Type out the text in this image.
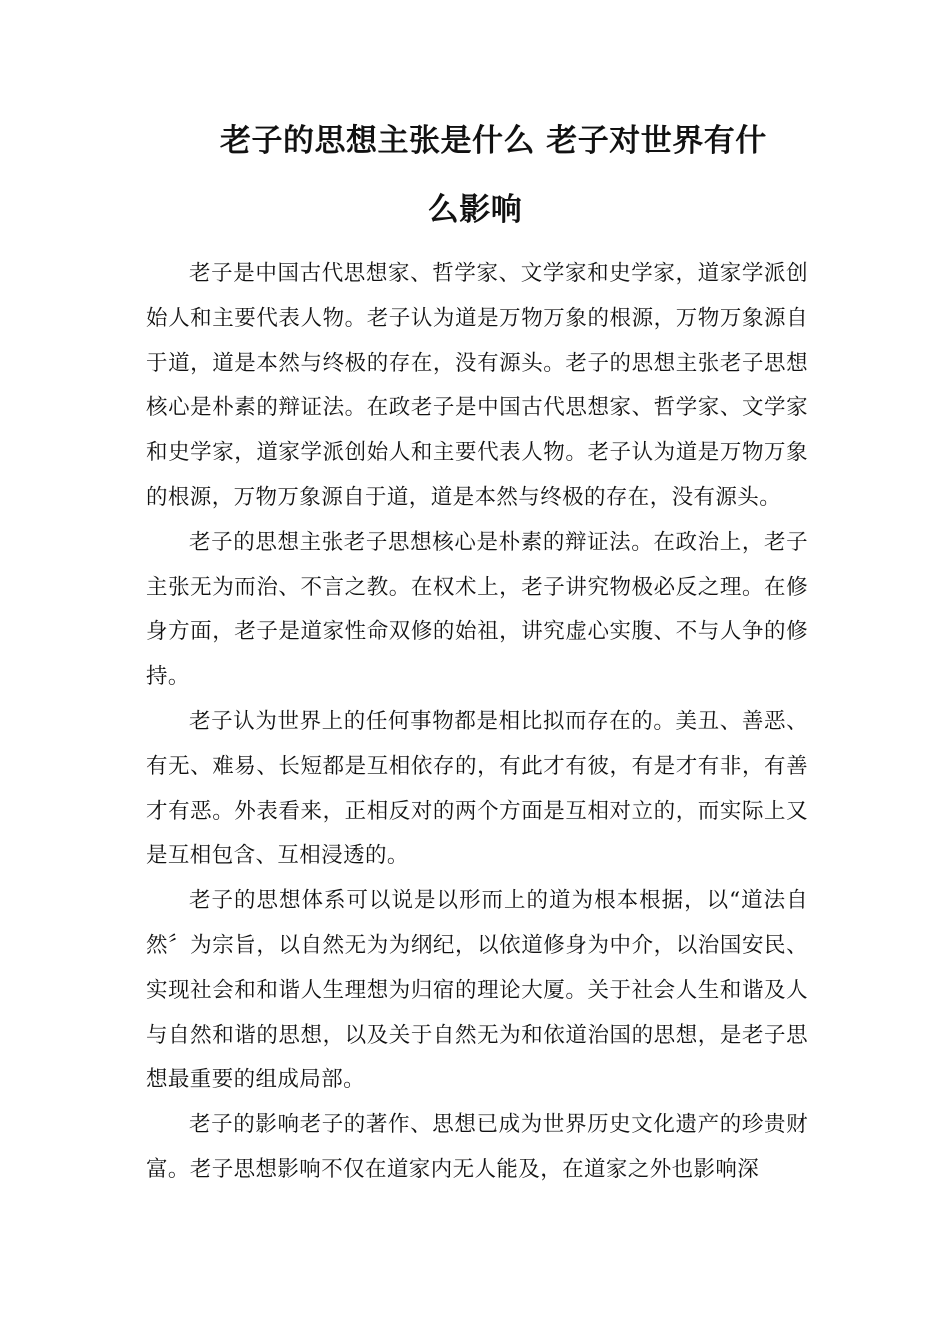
老子的思想主张是什么 老子对世界有什
么影响

老子是中国古代思想家、哲学家、文学家和史学家，道家学派创始人和主要代表人物。老子认为道是万物万象的根源，万物万象源自于道，道是本然与终极的存在，没有源头。老子的思想主张老子思想核心是朴素的辩证法。在政老子是中国古代思想家、哲学家、文学家和史学家，道家学派创始人和主要代表人物。老子认为道是万物万象的根源，万物万象源自于道，道是本然与终极的存在，没有源头。

老子的思想主张老子思想核心是朴素的辩证法。在政治上，老子主张无为而治、不言之教。在权术上，老子讲究物极必反之理。在修身方面，老子是道家性命双修的始祖，讲究虚心实腹、不与人争的修持。

老子认为世界上的任何事物都是相比拟而存在的。美丑、善恶、有无、难易、长短都是互相依存的，有此才有彼，有是才有非，有善才有恶。外表看来，正相反对的两个方面是互相对立的，而实际上又是互相包含、互相浸透的。

老子的思想体系可以说是以形而上的道为根本根据，以“道法自然〞为宗旨，以自然无为为纲纪，以依道修身为中介，以治国安民、实现社会和和谐人生理想为归宿的理论大厦。关于社会人生和谐及人与自然和谐的思想，以及关于自然无为和依道治国的思想，是老子思想最重要的组成局部。

老子的影响老子的著作、思想已成为世界历史文化遗产的珍贵财富。老子思想影响不仅在道家内无人能及，在道家之外也影响深
